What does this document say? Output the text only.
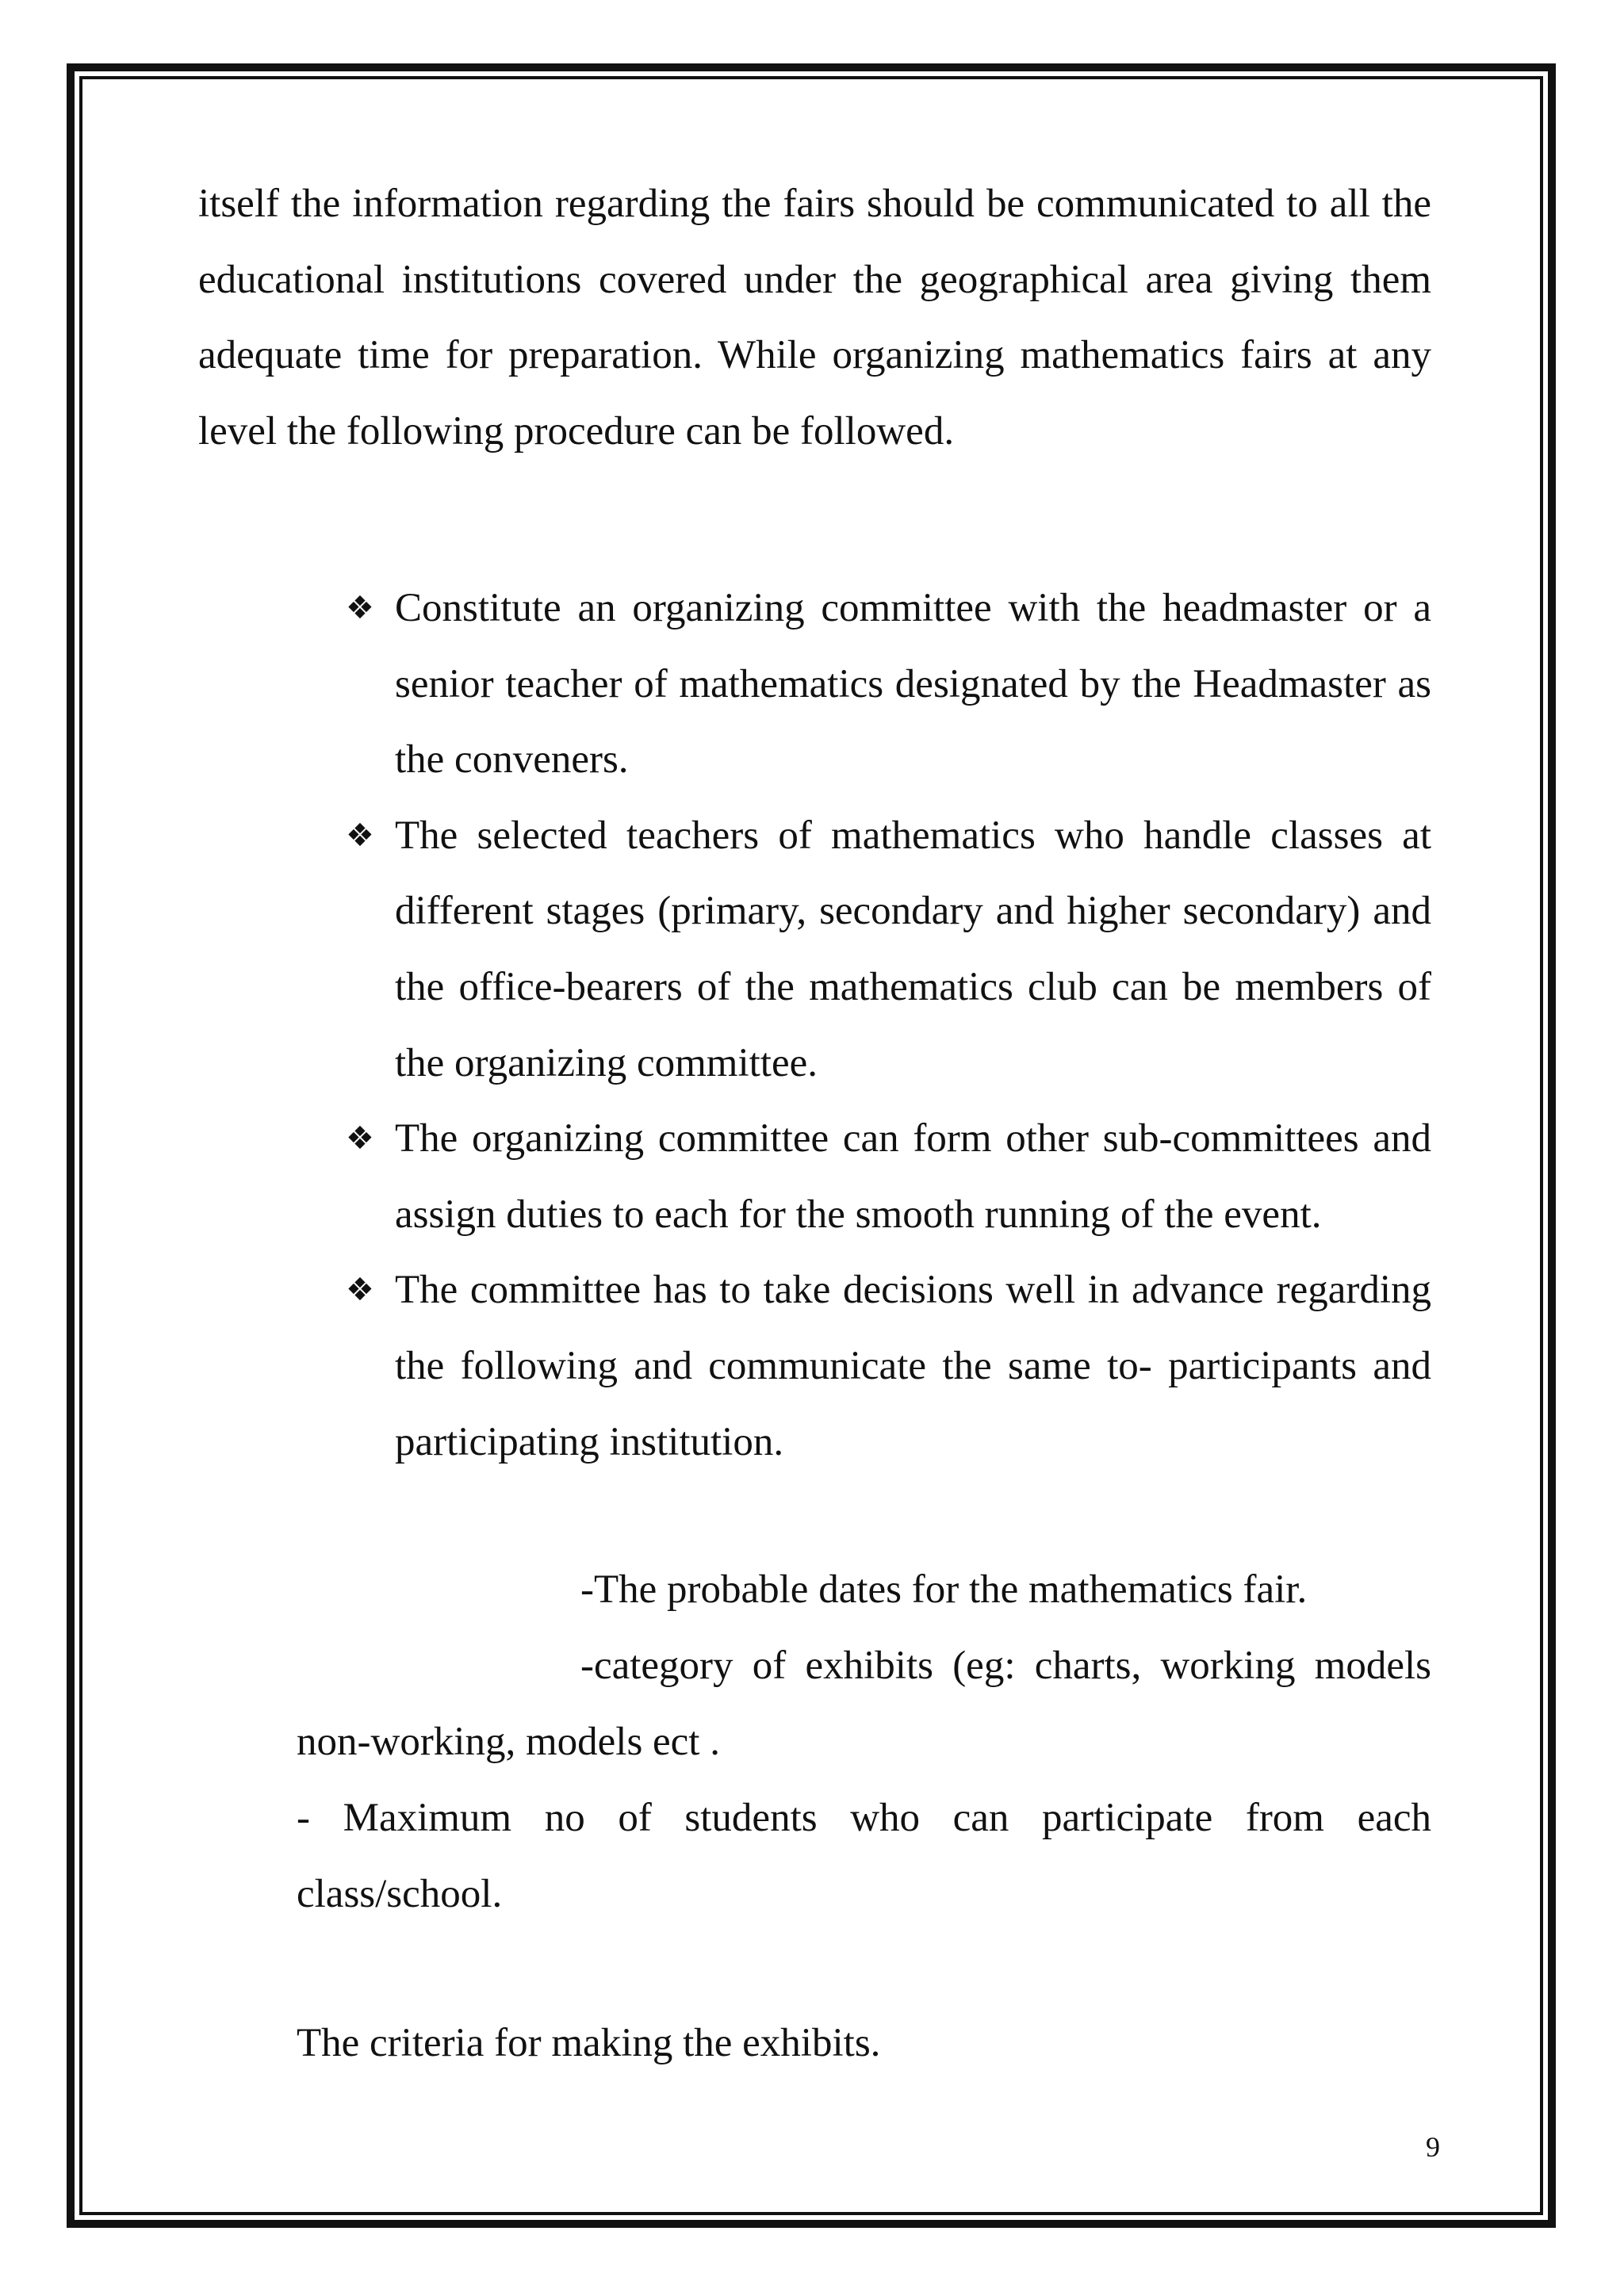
itself the information regarding the fairs should be communicated to all the educational institutions covered under the geographical area giving them adequate time for preparation. While organizing mathematics fairs at any level the following procedure can be followed.

❖ Constitute an organizing committee with the headmaster or a senior teacher of mathematics designated by the Headmaster as the conveners.
❖ The selected teachers of mathematics who handle classes at different stages (primary, secondary and higher secondary) and the office-bearers of the mathematics club can be members of the organizing committee.
❖ The organizing committee can form other sub-committees and assign duties to each for the smooth running of the event.
❖ The committee has to take decisions well in advance regarding the following and communicate the same to- participants and participating institution.

-The probable dates for the mathematics fair.

-category of exhibits (eg: charts, working models non-working, models ect .

- Maximum no of students who can participate from each class/school.

The criteria for making the exhibits.

9
